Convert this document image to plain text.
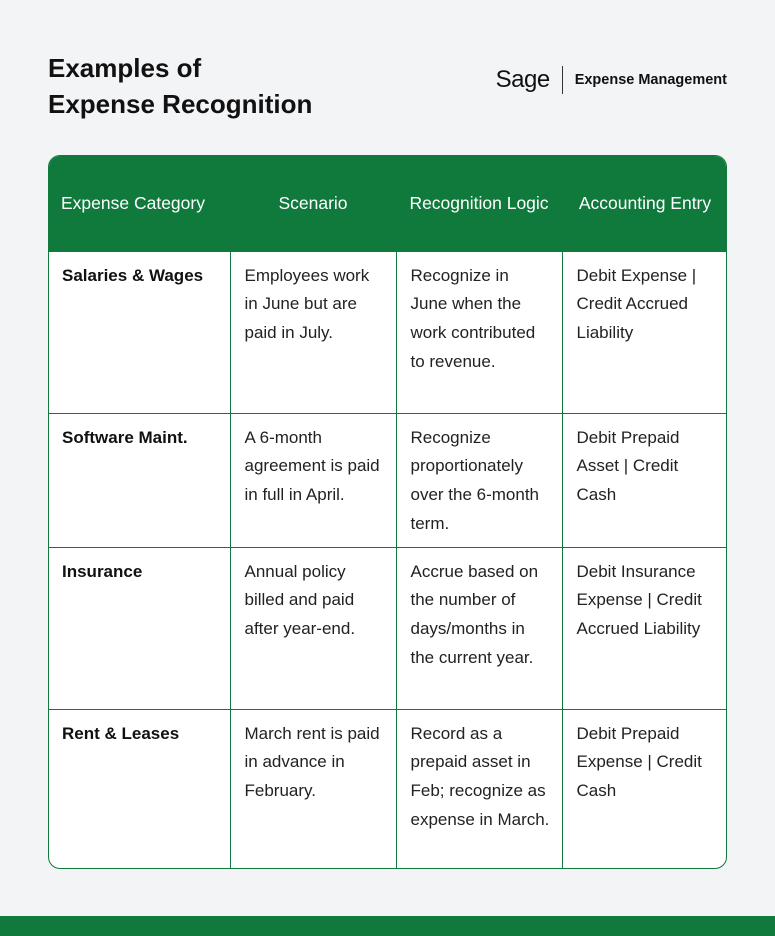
Examples of
Expense Recognition
Sage Expense Management
Expense Category	Scenario	Recognition Logic	Accounting Entry
Salaries & Wages	Employees work in June but are paid in July.	Recognize in June when the work contributed to revenue.	Debit Expense | Credit Accrued Liability
Software Maint.	A 6-month agreement is paid in full in April.	Recognize proportionately over the 6-month term.	Debit Prepaid Asset | Credit Cash
Insurance	Annual policy billed and paid after year-end.	Accrue based on the number of days/months in the current year.	Debit Insurance Expense | Credit Accrued Liability
Rent & Leases	March rent is paid in advance in February.	Record as a prepaid asset in Feb; recognize as expense in March.	Debit Prepaid Expense | Credit Cash
